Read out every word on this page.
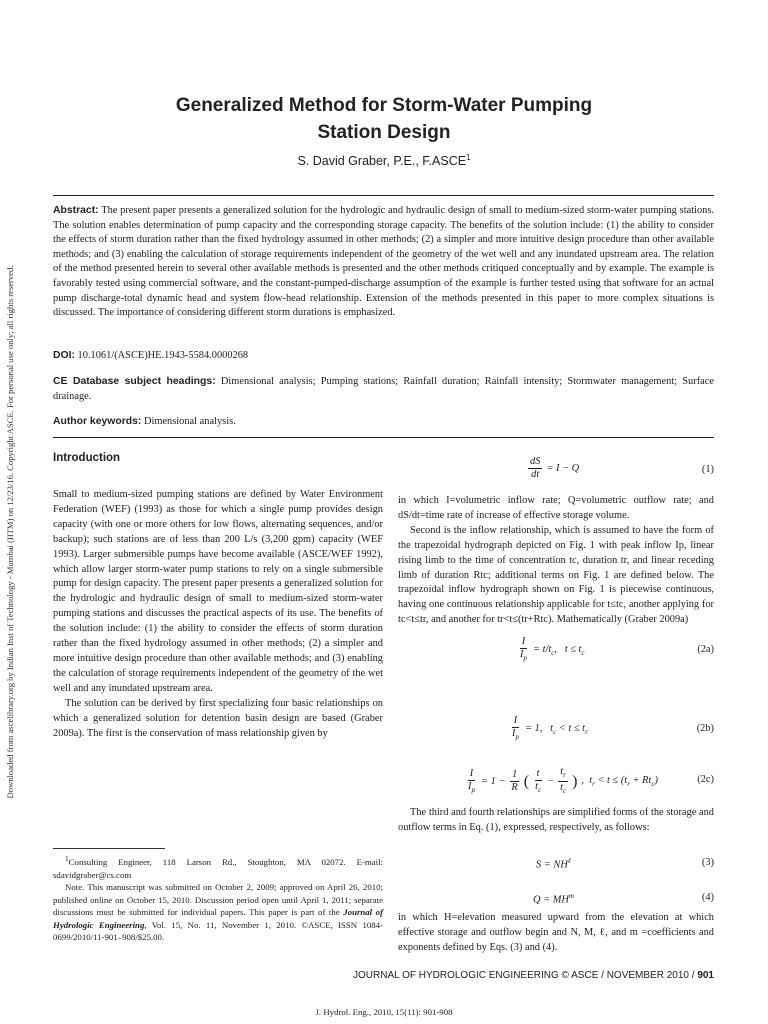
Downloaded from ascelibrary.org by Indian Inst of Technology - Mumbai (IITM) on 12/23/16. Copyright ASCE. For personal use only; all rights reserved.
Generalized Method for Storm-Water Pumping
Station Design
S. David Graber, P.E., F.ASCE$^1$
Abstract: The present paper presents a generalized solution for the hydrologic and hydraulic design of small to medium-sized storm-water pumping stations. The solution enables determination of pump capacity and the corresponding storage capacity. The benefits of the solution include: (1) the ability to consider the effects of storm duration rather than the fixed hydrology assumed in other methods; (2) a simpler and more intuitive design procedure than other available methods; and (3) enabling the calculation of storage requirements independent of the geometry of the wet well and any inundated upstream area. The relation of the method presented herein to several other available methods is presented and the other methods critiqued conceptually and by example. The example is favorably tested using commercial software, and the constant-pumped-discharge assumption of the example is further tested using that software for an actual pump discharge-total dynamic head and system flow-head relationship. Extension of the methods presented in this paper to more complex situations is discussed. The importance of considering different storm durations is emphasized.
DOI: 10.1061/(ASCE)HE.1943-5584.0000268
CE Database subject headings: Dimensional analysis; Pumping stations; Rainfall duration; Rainfall intensity; Stormwater management; Surface drainage.
Author keywords: Dimensional analysis.
Introduction

Small to medium-sized pumping stations are defined by Water Environment Federation (WEF) (1993) as those for which a single pump provides design capacity (with one or more others for low flows, alternating sequences, and/or backup); such stations are of less than 200 L/s (3,200 gpm) capacity (WEF 1993). Larger submersible pumps have become available (ASCE/WEF 1992), which allow larger storm-water pump stations to rely on a single submersible pump for design capacity. The present paper presents a generalized solution for the hydrologic and hydraulic design of small to medium-sized storm-water pumping stations and discusses the practical aspects of its use. The benefits of the solution include: (1) the ability to consider the effects of storm duration rather than the fixed hydrology assumed in other methods; (2) a simpler and more intuitive design procedure than other available methods; and (3) enabling the calculation of storage requirements independent of the geometry of the wet well and any inundated upstream area.

The solution can be derived by first specializing four basic relationships on which a generalized solution for detention basin design are based (Graber 2009a). The first is the conservation of mass relationship given by

$^1$Consulting Engineer, 118 Larson Rd., Stoughton, MA 02072. E-mail: sdavidgraber@cs.com
Note. This manuscript was submitted on October 2, 2009; approved on April 26, 2010; published online on October 15, 2010. Discussion period open until April 1, 2011; separate discussions must be submitted for individual papers. This paper is part of the Journal of Hydrologic Engineering, Vol. 15, No. 11, November 1, 2010. ©ASCE, ISSN 1084-0699/2010/11-901–908/$25.00.
$\frac{dS}{dt} = I - Q$	(1)

in which I=volumetric inflow rate; Q=volumetric outflow rate; and dS/dt=time rate of increase of effective storage volume.

Second is the inflow relationship, which is assumed to have the form of the trapezoidal hydrograph depicted on Fig. 1 with peak inflow Ip, linear rising limb to the time of concentration tc, duration tr, and linear receding limb of duration Rtc; additional terms on Fig. 1 are defined below. The trapezoidal inflow hydrograph shown on Fig. 1 is piecewise continuous, having one continuous relationship applicable for t≤tc, another applying for tc<t≤tr, and another for tr<t≤(tr+Rtc). Mathematically (Graber 2009a)

$\frac{I}{I_p} = t/t_c$,   $t \le t_c$	(2a)
$\frac{I}{I_p} = 1$,   $t_c < t \le t_r$	(2b)
$\frac{I}{I_p} = 1 - \frac{1}{R}$ ( $\frac{t}{t_c} - \frac{t_r}{t_c}$ ) ,  $t_r < t \le (t_r + Rt_c)$	(2c)

The third and fourth relationships are simplified forms of the storage and outflow terms in Eq. (1), expressed, respectively, as follows:

$S = NH^\ell$	(3)
$Q = MH^m$	(4)

in which H=elevation measured upward from the elevation at which effective storage and outflow begin and N, M, ℓ, and m =coefficients and exponents defined by Eqs. (3) and (4).

JOURNAL OF HYDROLOGIC ENGINEERING © ASCE / NOVEMBER 2010 / 901
J. Hydrol. Eng., 2010, 15(11): 901-908
